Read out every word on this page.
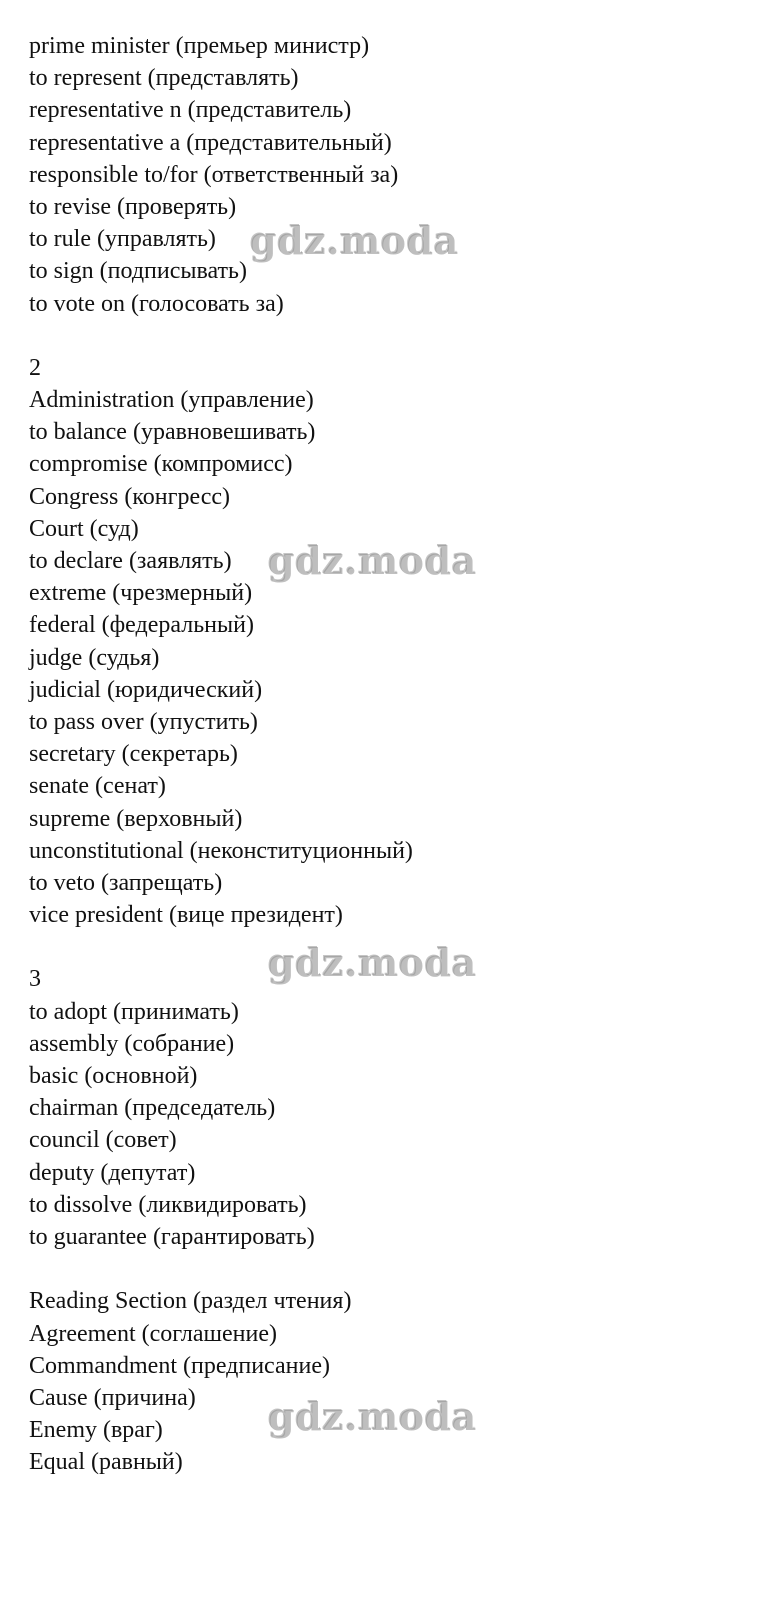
prime minister (премьер министр)
to represent (представлять)
representative n (представитель)
representative a (представительный)
responsible to/for (ответственный за)
to revise (проверять)
to rule (управлять)
to sign (подписывать)
to vote on (голосовать за)
2
Administration (управление)
to balance (уравновешивать)
compromise (компромисс)
Congress (конгресс)
Court (суд)
to declare (заявлять)
extreme (чрезмерный)
federal (федеральный)
judge (судья)
judicial (юридический)
to pass over (упустить)
secretary (секретарь)
senate (сенат)
supreme (верховный)
unconstitutional (неконституционный)
to veto (запрещать)
vice president (вице президент)
3
to adopt (принимать)
assembly (собрание)
basic (основной)
chairman (председатель)
council (совет)
deputy (депутат)
to dissolve (ликвидировать)
to guarantee (гарантировать)
Reading Section (раздел чтения)
Agreement (соглашение)
Commandment (предписание)
Cause (причина)
Enemy (враг)
Equal (равный)
gdz.moda
gdz.moda
gdz.moda
gdz.moda
